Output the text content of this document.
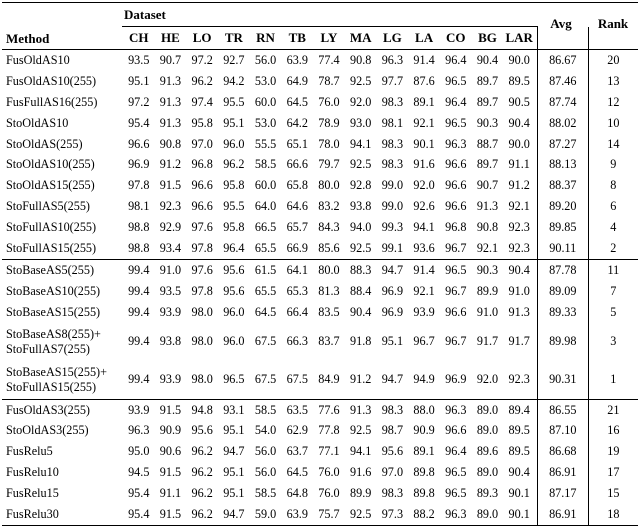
Dataset
Avg	Rank
Method	CH HE LO	TR	RN	TB	LY MA LG	LA CO BG LAR
FusOldAS10	93.5 90.7 97.2 92.7 56.0 63.9 77.4 90.8 96.3 91.4 96.4 90.4 90.0	86.67	20
FusOldAS10(255)	95.1 91.3 96.2 94.2 53.0 64.9 78.7 92.5 97.7 87.6 96.5 89.7 89.5	87.46	13
FusFullAS16(255)	97.2 91.3 97.4 95.5 60.0 64.5 76.0 92.0 98.3 89.1 96.4 89.7 90.5	87.74	12
StoOldAS10	95.4 91.3 95.8 95.1 53.0 64.2 78.9 93.0 98.1 92.1 96.5 90.3 90.4	88.02	10
StoOldAS(255)	96.6 90.8 97.0 96.0 55.5 65.1 78.0 94.1 98.3 90.1 96.3 88.7 90.0	87.27	14
StoOldAS10(255)	96.9 91.2 96.8 96.2 58.5 66.6 79.7 92.5 98.3 91.6 96.6 89.7 91.1	88.13	9
StoOldAS15(255)	97.8 91.5 96.6 95.8 60.0 65.8 80.0 92.8 99.0 92.0 96.6 90.7 91.2	88.37	8
StoFullAS5(255)	98.1 92.3 96.6 95.5 64.0 64.6 83.2 93.8 99.0 92.6 96.6 91.3 92.1	89.20	6
StoFullAS10(255)	98.8 92.9 97.6 95.8 66.5 65.7 84.3 94.0 99.3 94.1 96.8 90.8 92.3	89.85	4
StoFullAS15(255)	98.8 93.4 97.8 96.4 65.5 66.9 85.6 92.5 99.1 93.6 96.7 92.1 92.3	90.11	2
StoBaseAS5(255)	99.4 91.0 97.6 95.6 61.5 64.1 80.0 88.3 94.7 91.4 96.5 90.3 90.4	87.78	11
StoBaseAS10(255)	99.4 93.5 97.8 95.6 65.5 65.3 81.3 88.4 96.9 92.1 96.7 89.9 91.0	89.09	7
StoBaseAS15(255)	99.4 93.9 98.0 96.0 64.5 66.4 83.5 90.4 96.9 93.9 96.6 91.0 91.3	89.33	5
StoBaseAS8(255)+
StoFullAS7(255)
99.4 93.8 98.0 96.0 67.5 66.3 83.7 91.8 95.1 96.7 96.7 91.7 91.7	89.98	3
StoBaseAS15(255)+
StoFullAS15(255)
99.4 93.9 98.0 96.5 67.5 67.5 84.9 91.2 94.7 94.9 96.9 92.0 92.3	90.31	1
FusOldAS3(255)	93.9 91.5 94.8 93.1 58.5 63.5 77.6 91.3 98.3 88.0 96.3 89.0 89.4	86.55	21
StoOldAS3(255)	96.3 90.9 95.6 95.1 54.0 62.9 77.8 92.5 98.7 90.9 96.6 89.0 89.5	87.10	16
FusRelu5	95.0 90.6 96.2 94.7 56.0 63.7 77.1 94.1 95.6 89.1 96.4 89.6 89.5	86.68	19
FusRelu10	94.5 91.5 96.2 95.1 56.0 64.5 76.0 91.6 97.0 89.8 96.5 89.0 90.4	86.91	17
FusRelu15	95.4 91.1 96.2 95.1 58.5 64.8 76.0 89.9 98.3 89.8 96.5 89.3 90.1	87.17	15
FusRelu30	95.4 91.5 96.2 94.7 59.0 63.9 75.7 92.5 97.3 88.2 96.3 89.0 90.1	86.91	18
